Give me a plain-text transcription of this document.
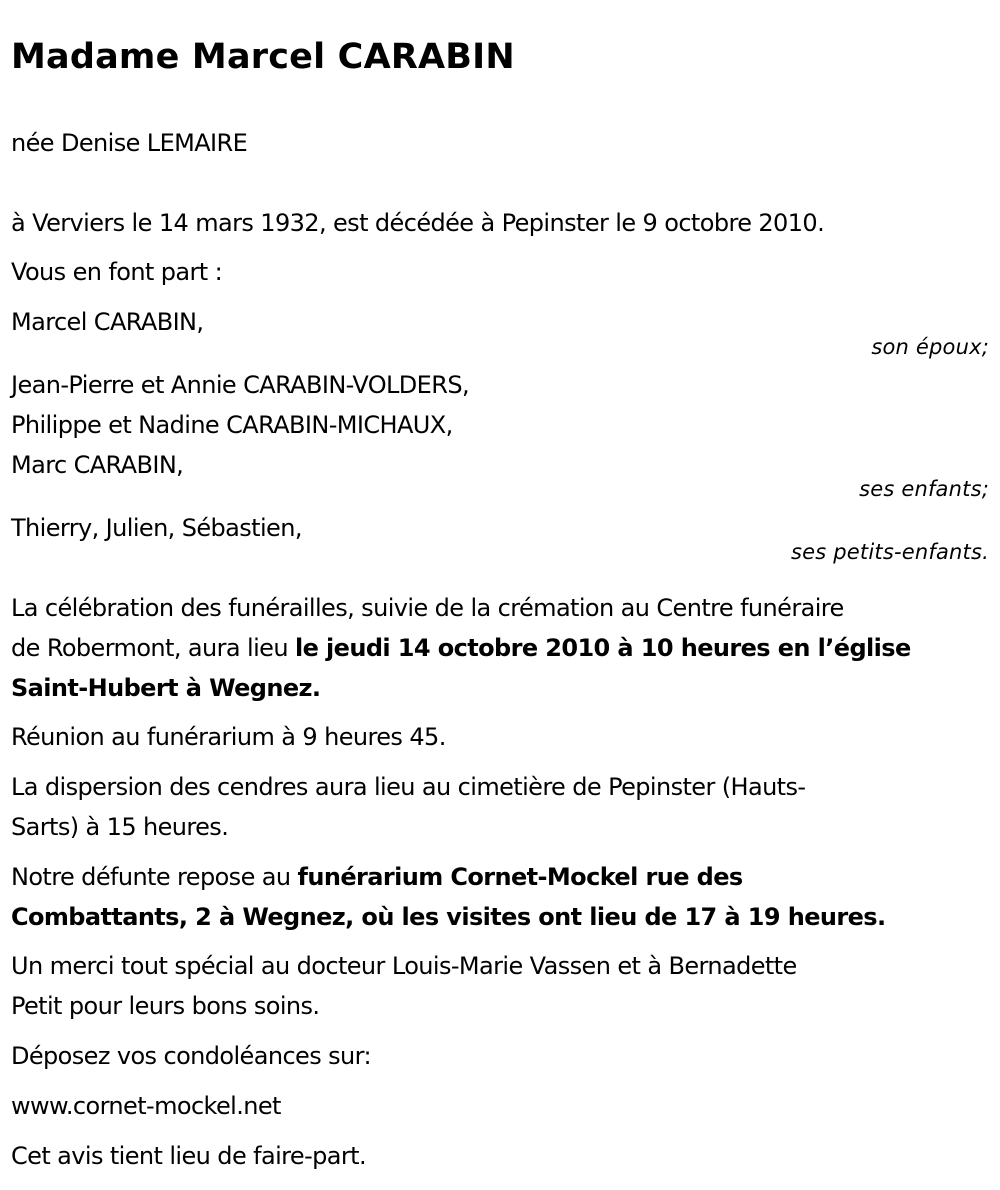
Madame Marcel CARABIN
née Denise LEMAIRE
à Verviers le 14 mars 1932, est décédée à Pepinster le 9 octobre 2010.
Vous en font part :
Marcel CARABIN,
son époux;
Jean-Pierre et Annie CARABIN-VOLDERS,
Philippe et Nadine CARABIN-MICHAUX,
Marc CARABIN,
ses enfants;
Thierry, Julien, Sébastien,
ses petits-enfants.
La célébration des funérailles, suivie de la crémation au Centre funéraire
de Robermont, aura lieu le jeudi 14 octobre 2010 à 10 heures en l’église
Saint-Hubert à Wegnez.
Réunion au funérarium à 9 heures 45.
La dispersion des cendres aura lieu au cimetière de Pepinster (Hauts-
Sarts) à 15 heures.
Notre défunte repose au funérarium Cornet-Mockel rue des
Combattants, 2 à Wegnez, où les visites ont lieu de 17 à 19 heures.
Un merci tout spécial au docteur Louis-Marie Vassen et à Bernadette
Petit pour leurs bons soins.
Déposez vos condoléances sur:
www.cornet-mockel.net
Cet avis tient lieu de faire-part.
